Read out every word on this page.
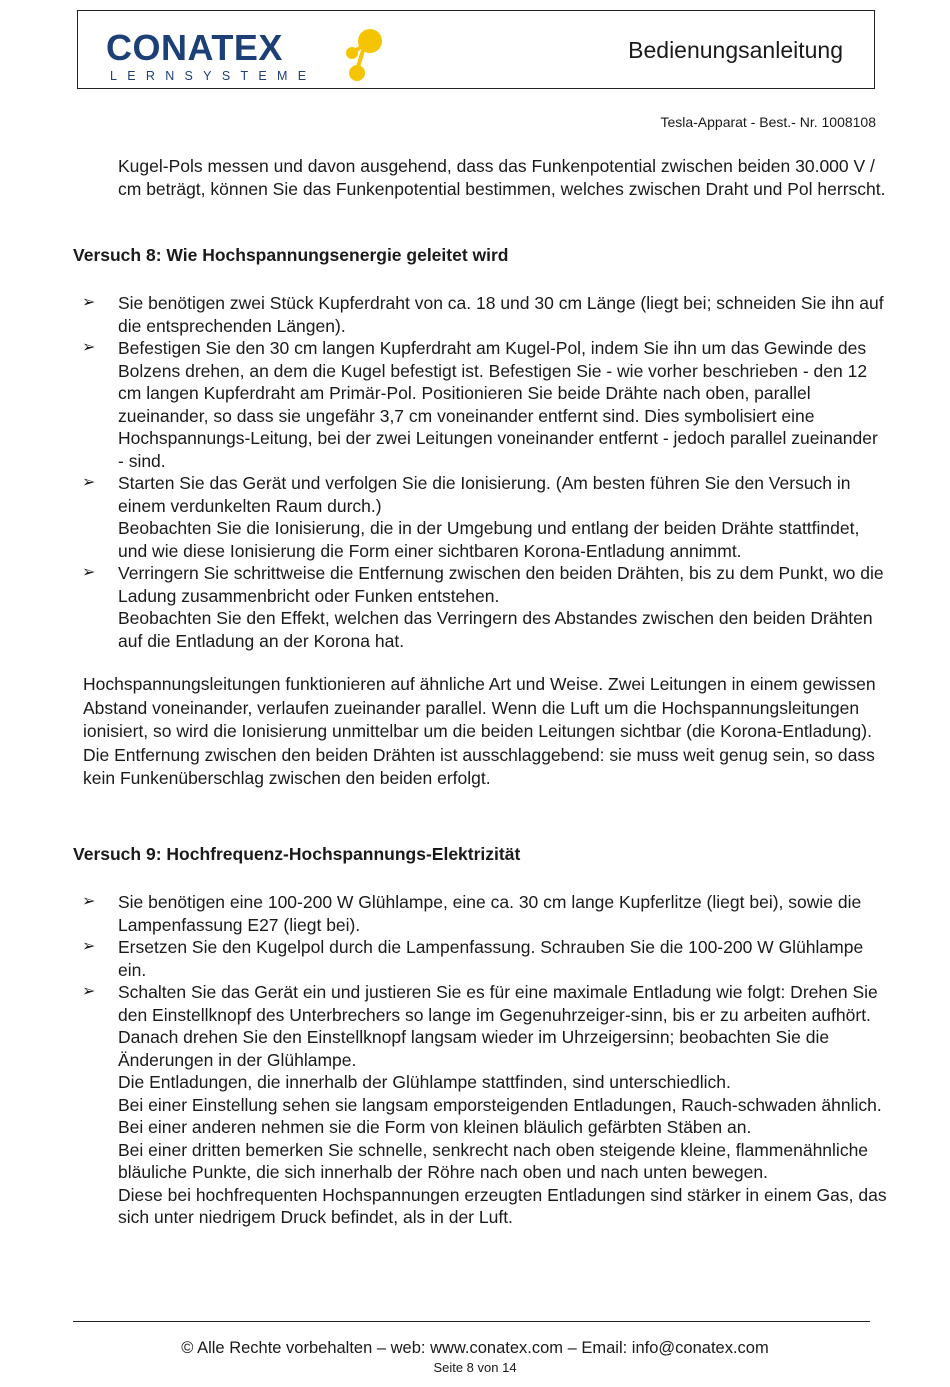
CONATEX
LERNSYSTEME
Bedienungsanleitung
Tesla-Apparat - Best.- Nr. 1008108

Kugel-Pols messen und davon ausgehend, dass das Funkenpotential zwischen beiden 30.000 V / cm beträgt, können Sie das Funkenpotential bestimmen, welches zwischen Draht und Pol herrscht.

Versuch 8: Wie Hochspannungsenergie geleitet wird
➢ Sie benötigen zwei Stück Kupferdraht von ca. 18 und 30 cm Länge (liegt bei; schneiden Sie ihn auf die entsprechenden Längen).

➢ Befestigen Sie den 30 cm langen Kupferdraht am Kugel-Pol, indem Sie ihn um das Gewinde des Bolzens drehen, an dem die Kugel befestigt ist. Befestigen Sie - wie vorher beschrieben - den 12 cm langen Kupferdraht am Primär-Pol. Positionieren Sie beide Drähte nach oben, parallel zueinander, so dass sie ungefähr 3,7 cm voneinander entfernt sind. Dies symbolisiert eine Hochspannungs-Leitung, bei der zwei Leitungen voneinander entfernt - jedoch parallel zueinander - sind.

➢ Starten Sie das Gerät und verfolgen Sie die Ionisierung. (Am besten führen Sie den Versuch in einem verdunkelten Raum durch.)

Beobachten Sie die Ionisierung, die in der Umgebung und entlang der beiden Drähte stattfindet, und wie diese Ionisierung die Form einer sichtbaren Korona-Entladung annimmt.

➢ Verringern Sie schrittweise die Entfernung zwischen den beiden Drähten, bis zu dem Punkt, wo die Ladung zusammenbricht oder Funken entstehen.

Beobachten Sie den Effekt, welchen das Verringern des Abstandes zwischen den beiden Drähten auf die Entladung an der Korona hat.

Hochspannungsleitungen funktionieren auf ähnliche Art und Weise. Zwei Leitungen in einem gewissen Abstand voneinander, verlaufen zueinander parallel. Wenn die Luft um die Hochspannungsleitungen ionisiert, so wird die Ionisierung unmittelbar um die beiden Leitungen sichtbar (die Korona-Entladung). Die Entfernung zwischen den beiden Drähten ist ausschlaggebend: sie muss weit genug sein, so dass kein Funkenüberschlag zwischen den beiden erfolgt.

Versuch 9: Hochfrequenz-Hochspannungs-Elektrizität
➢ Sie benötigen eine 100-200 W Glühlampe, eine ca. 30 cm lange Kupferlitze (liegt bei), sowie die Lampenfassung E27 (liegt bei).

➢ Ersetzen Sie den Kugelpol durch die Lampenfassung. Schrauben Sie die 100-200 W Glühlampe ein.

➢ Schalten Sie das Gerät ein und justieren Sie es für eine maximale Entladung wie folgt: Drehen Sie den Einstellknopf des Unterbrechers so lange im Gegenuhrzeiger-sinn, bis er zu arbeiten aufhört. Danach drehen Sie den Einstellknopf langsam wieder im Uhrzeigersinn; beobachten Sie die Änderungen in der Glühlampe.

Die Entladungen, die innerhalb der Glühlampe stattfinden, sind unterschiedlich.

Bei einer Einstellung sehen sie langsam emporsteigenden Entladungen, Rauch-schwaden ähnlich. Bei einer anderen nehmen sie die Form von kleinen bläulich gefärbten Stäben an.

Bei einer dritten bemerken Sie schnelle, senkrecht nach oben steigende kleine, flammenähnliche bläuliche Punkte, die sich innerhalb der Röhre nach oben und nach unten bewegen.

Diese bei hochfrequenten Hochspannungen erzeugten Entladungen sind stärker in einem Gas, das sich unter niedrigem Druck befindet, als in der Luft.

© Alle Rechte vorbehalten – web: www.conatex.com – Email: info@conatex.com
Seite 8 von 14
